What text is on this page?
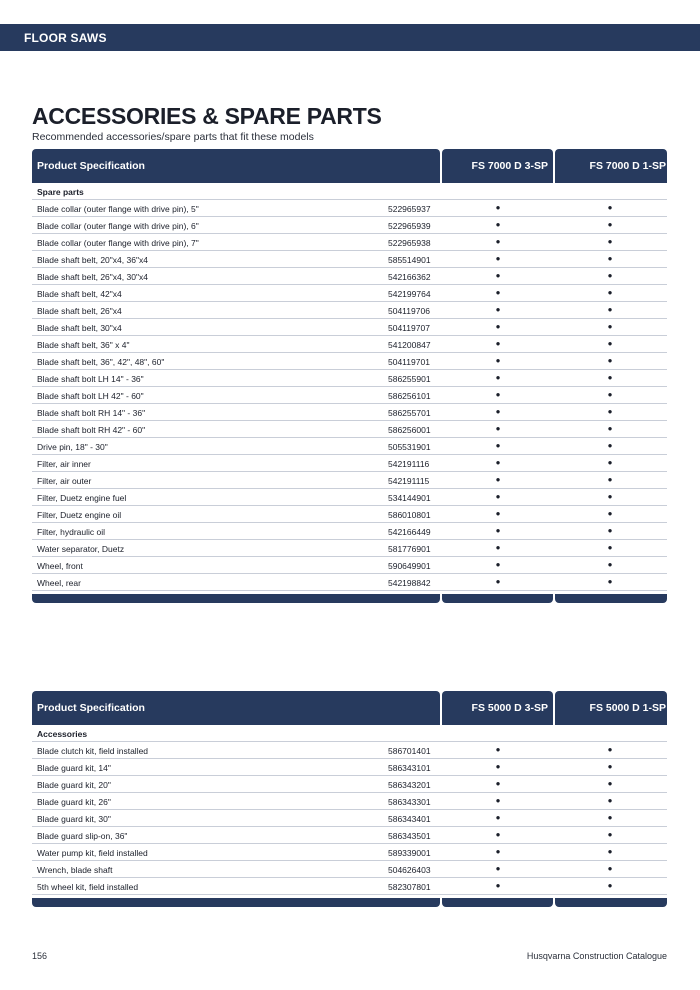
FLOOR SAWS
ACCESSORIES & SPARE PARTS
Recommended accessories/spare parts that fit these models
Product Specification	FS 7000 D 3-SP	FS 7000 D 1-SP
Spare parts
Blade collar (outer flange with drive pin), 5"	522965937	●	●
Blade collar (outer flange with drive pin), 6"	522965939	●	●
Blade collar (outer flange with drive pin), 7"	522965938	●	●
Blade shaft belt, 20"x4, 36"x4	585514901	●	●
Blade shaft belt, 26"x4, 30"x4	542166362	●	●
Blade shaft belt, 42"x4	542199764	●	●
Blade shaft belt, 26"x4	504119706	●	●
Blade shaft belt, 30"x4	504119707	●	●
Blade shaft belt, 36" x 4"	541200847	●	●
Blade shaft belt, 36", 42", 48", 60"	504119701	●	●
Blade shaft bolt LH 14" - 36"	586255901	●	●
Blade shaft bolt LH 42" - 60"	586256101	●	●
Blade shaft bolt RH 14" - 36"	586255701	●	●
Blade shaft bolt RH 42" - 60"	586256001	●	●
Drive pin, 18" - 30"	505531901	●	●
Filter, air inner	542191116	●	●
Filter, air outer	542191115	●	●
Filter, Duetz engine fuel	534144901	●	●
Filter, Duetz engine oil	586010801	●	●
Filter, hydraulic oil	542166449	●	●
Water separator, Duetz	581776901	●	●
Wheel, front	590649901	●	●
Wheel, rear	542198842	●	●
Product Specification	FS 5000 D 3-SP	FS 5000 D 1-SP
Accessories
Blade clutch kit, field installed	586701401	●	●
Blade guard kit, 14"	586343101	●	●
Blade guard kit, 20"	586343201	●	●
Blade guard kit, 26"	586343301	●	●
Blade guard kit, 30"	586343401	●	●
Blade guard slip-on, 36"	586343501	●	●
Water pump kit, field installed	589339001	●	●
Wrench, blade shaft	504626403	●	●
5th wheel kit, field installed	582307801	●	●
156	Husqvarna Construction Catalogue
